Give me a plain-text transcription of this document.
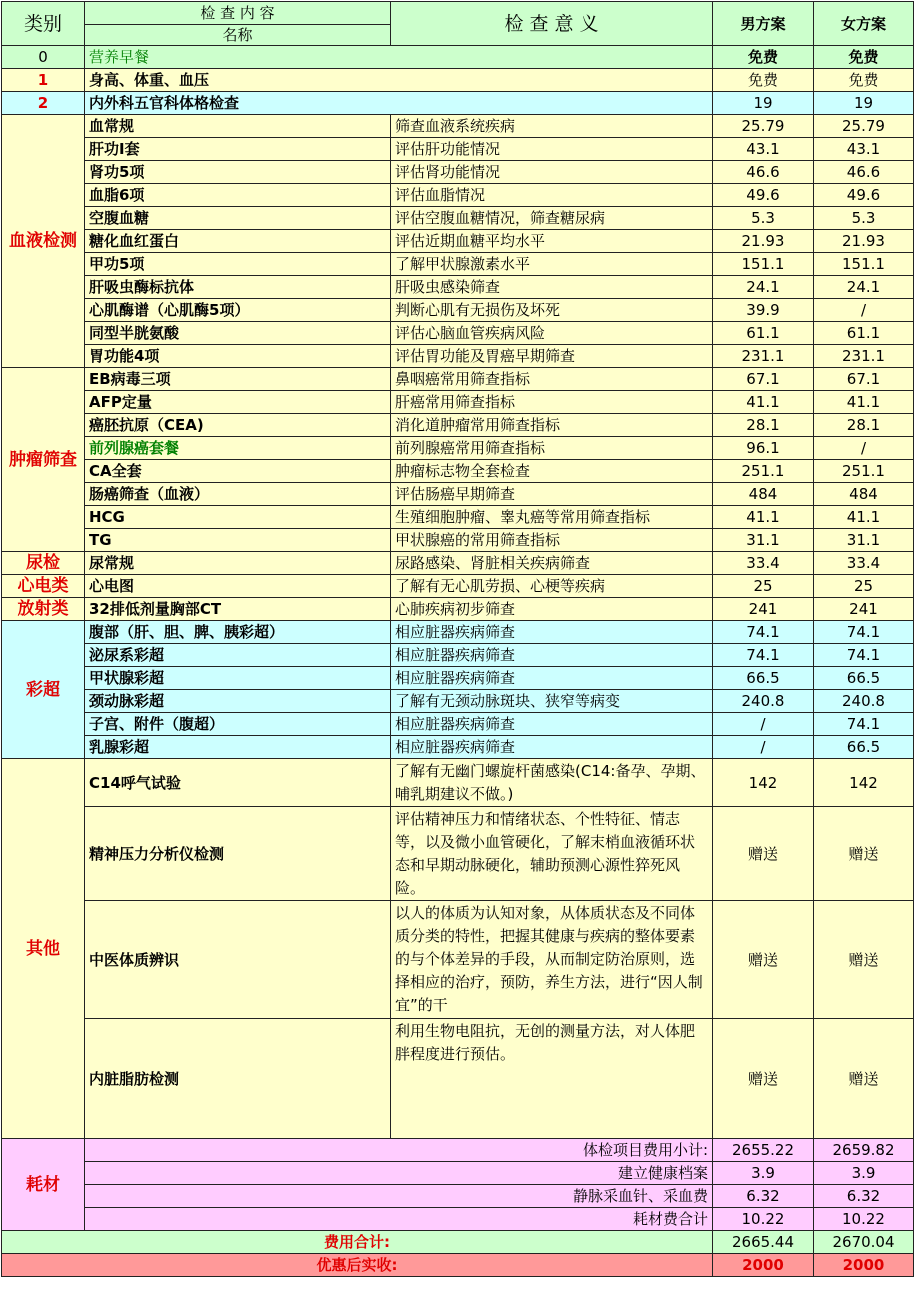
类别	检 查 内 容	检 查 意 义	男方案	女方案
	名称			
0	营养早餐		免费	免费
1	身高、体重、血压		免费	免费
2	内外科五官科体格检查		19	19
血液检测	血常规	筛查血液系统疾病	25.79	25.79
	肝功Ⅰ套	评估肝功能情况	43.1	43.1
	肾功5项	评估肾功能情况	46.6	46.6
	血脂6项	评估血脂情况	49.6	49.6
	空腹血糖	评估空腹血糖情况，筛查糖尿病	5.3	5.3
	糖化血红蛋白	评估近期血糖平均水平	21.93	21.93
	甲功5项	了解甲状腺激素水平	151.1	151.1
	肝吸虫酶标抗体	肝吸虫感染筛查	24.1	24.1
	心肌酶谱（心肌酶5项）	判断心肌有无损伤及坏死	39.9	/
	同型半胱氨酸	评估心脑血管疾病风险	61.1	61.1
	胃功能4项	评估胃功能及胃癌早期筛查	231.1	231.1
肿瘤筛查	EB病毒三项	鼻咽癌常用筛查指标	67.1	67.1
	AFP定量	肝癌常用筛查指标	41.1	41.1
	癌胚抗原（CEA)	消化道肿瘤常用筛查指标	28.1	28.1
	前列腺癌套餐	前列腺癌常用筛查指标	96.1	/
	CA全套	肿瘤标志物全套检查	251.1	251.1
	肠癌筛查（血液）	评估肠癌早期筛查	484	484
	HCG	生殖细胞肿瘤、睾丸癌等常用筛查指标	41.1	41.1
	TG	甲状腺癌的常用筛查指标	31.1	31.1
尿检	尿常规	尿路感染、肾脏相关疾病筛查	33.4	33.4
心电类	心电图	了解有无心肌劳损、心梗等疾病	25	25
放射类	32排低剂量胸部CT	心肺疾病初步筛查	241	241
彩超	腹部（肝、胆、脾、胰彩超）	相应脏器疾病筛查	74.1	74.1
	泌尿系彩超	相应脏器疾病筛查	74.1	74.1
	甲状腺彩超	相应脏器疾病筛查	66.5	66.5
	颈动脉彩超	了解有无颈动脉斑块、狭窄等病变	240.8	240.8
	子宫、附件（腹超）	相应脏器疾病筛查	/	74.1
	乳腺彩超	相应脏器疾病筛查	/	66.5
其他	C14呼气试验	了解有无幽门螺旋杆菌感染(C14:备孕、孕期、哺乳期建议不做。)	142	142
	精神压力分析仪检测	评估精神压力和情绪状态、个性特征、情志等，以及微小血管硬化，了解末梢血液循环状态和早期动脉硬化，辅助预测心源性猝死风险。	赠送	赠送
	中医体质辨识	以人的体质为认知对象，从体质状态及不同体质分类的特性，把握其健康与疾病的整体要素的与个体差异的手段，从而制定防治原则，选择相应的治疗，预防，养生方法，进行“因人制宜”的干	赠送	赠送
	内脏脂肪检测	利用生物电阻抗，无创的测量方法，对人体肥胖程度进行预估。	赠送	赠送
耗材	体检项目费用小计:		2655.22	2659.82
	建立健康档案		3.9	3.9
	静脉采血针、采血费		6.32	6.32
	耗材费合计		10.22	10.22
费用合计:			2665.44	2670.04
优惠后实收:			2000	2000
